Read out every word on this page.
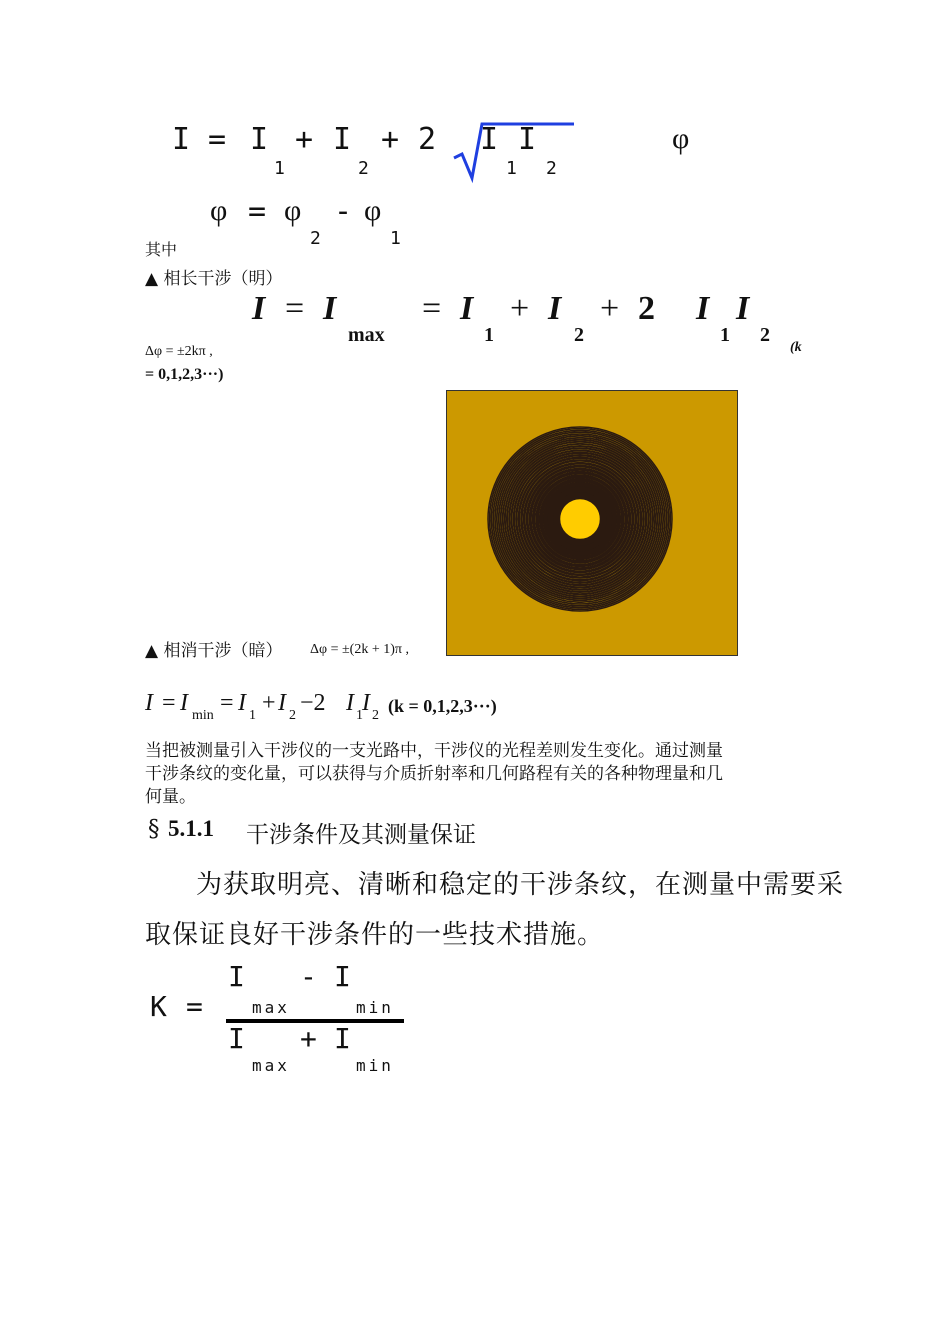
I = I
1
+ I
2
+ 2 I I
1 2
φ
φ = φ
2
- φ
1
其中
▲ 相长干涉（明）
I = I
max
= I
1
+ I
2
+ 2 I
1
I
2
(k
Δφ = ±2kπ ,
= 0,1,2,3···)
▲ 相消干涉（暗） Δφ = ±(2k + 1)π ,
I = I min = I 1 + I 2 −2 I 1 I 2 (k = 0,1,2,3···)
当把被测量引入干涉仪的一支光路中，干涉仪的光程差则发生变化。通过测量
干涉条纹的变化量，可以获得与介质折射率和几何路程有关的各种物理量和几
何量。
§ 5.1.1 干涉条件及其测量保证
为获取明亮、清晰和稳定的干涉条纹，在测量中需要采
取保证良好干涉条件的一些技术措施。
K =
I
max
- I
min
I
max
+ I
min
